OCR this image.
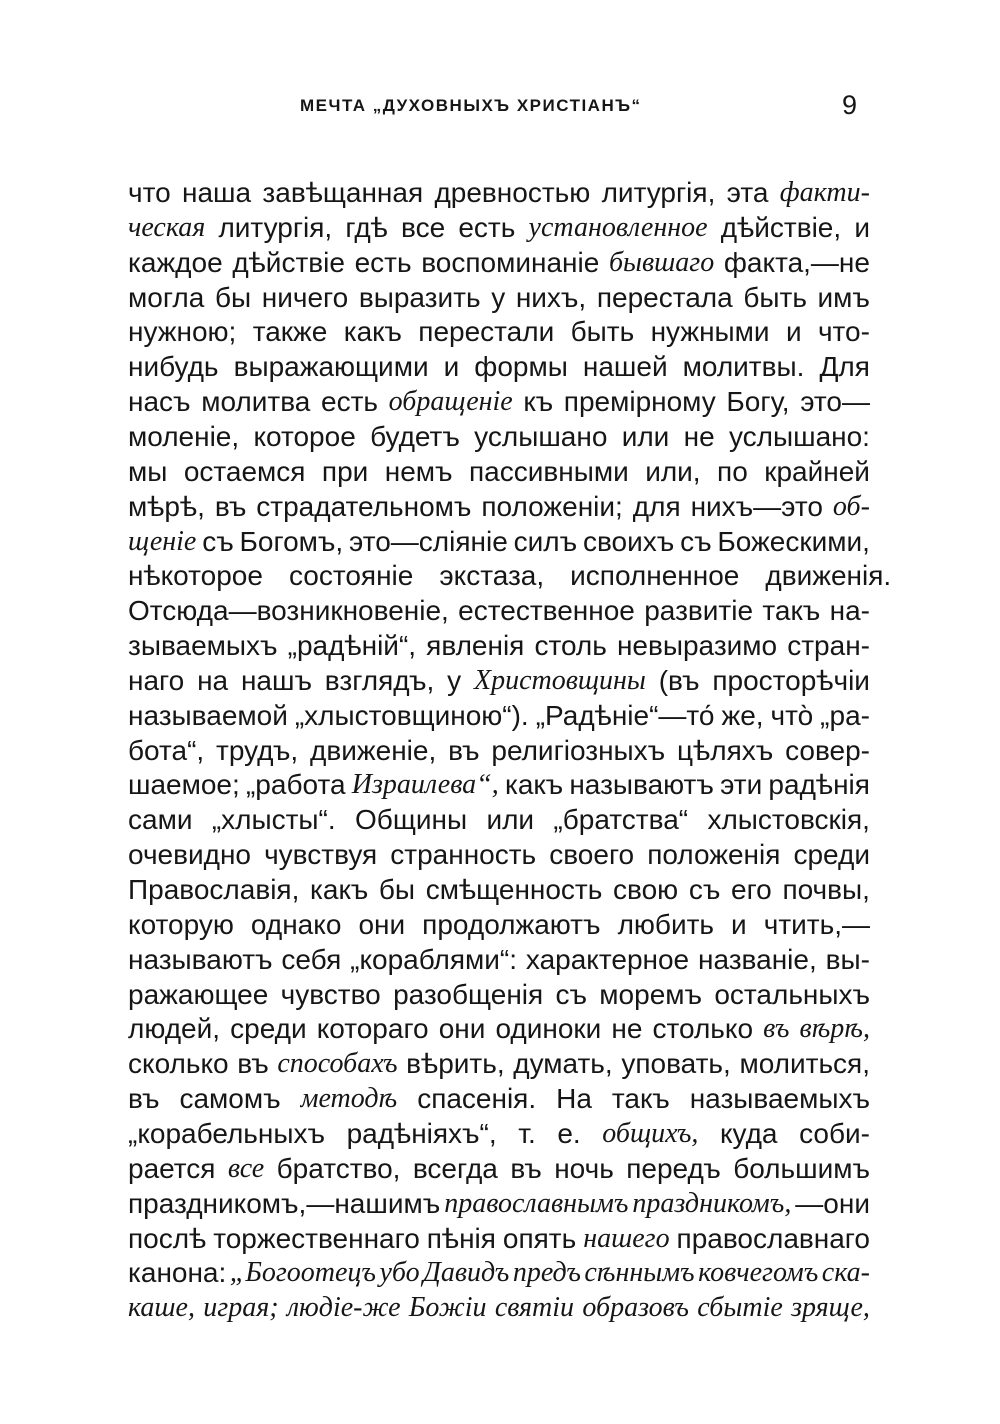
МЕЧТА „ДУХОВНЫХЪ ХРИСТІАНЪ“	9
что наша завѣщанная древностью литургія, эта факти-
ческая литургія, гдѣ все есть установленное дѣйствіе, и
каждое дѣйствіе есть воспоминаніе бывшаго факта,—не
могла бы ничего выразить у нихъ, перестала быть имъ
нужною; также какъ перестали быть нужными и что-
нибудь выражающими и формы нашей молитвы. Для
насъ молитва есть обращеніе къ премірному Богу, это—
моленіе, которое будетъ услышано или не услышано:
мы остаемся при немъ пассивными или, по крайней
мѣрѣ, въ страдательномъ положеніи; для нихъ—это об-
щеніе съ Богомъ, это—сліяніе силъ своихъ съ Божескими,
нѣкоторое состояніе экстаза, исполненное движенія.
Отсюда—возникновеніе, естественное развитіе такъ на-
зываемыхъ „радѣній“, явленія столь невыразимо стран-
наго на нашъ взглядъ, у Христовщины (въ просторѣчіи
называемой „хлыстовщиною“). „Радѣніе“—то́ же, что̀ „ра-
бота“, трудъ, движеніе, въ религіозныхъ цѣляхъ совер-
шаемое; „работа Израилева“, какъ называютъ эти радѣнія
сами „хлысты“. Общины или „братства“ хлыстовскія,
очевидно чувствуя странность своего положенія среди
Православія, какъ бы смѣщенность свою съ его почвы,
которую однако они продолжаютъ любить и чтить,—
называютъ себя „кораблями“: характерное названіе, вы-
ражающее чувство разобщенія съ моремъ остальныхъ
людей, среди котораго они одиноки не столько въ вѣрѣ,
сколько въ способахъ вѣрить, думать, уповать, молиться,
въ самомъ методѣ спасенія. На такъ называемыхъ
„корабельныхъ радѣніяхъ“, т. е. общихъ, куда соби-
рается все братство, всегда въ ночь передъ большимъ
праздникомъ,—нашимъ православнымъ праздникомъ, —они
послѣ торжественнаго пѣнія опять нашего православнаго
канона: „Богоотецъ убо Давидъ предъ сѣннымъ ковчегомъ ска-
каше, играя; людіе-же Божіи святіи образовъ сбытіе зряще,
